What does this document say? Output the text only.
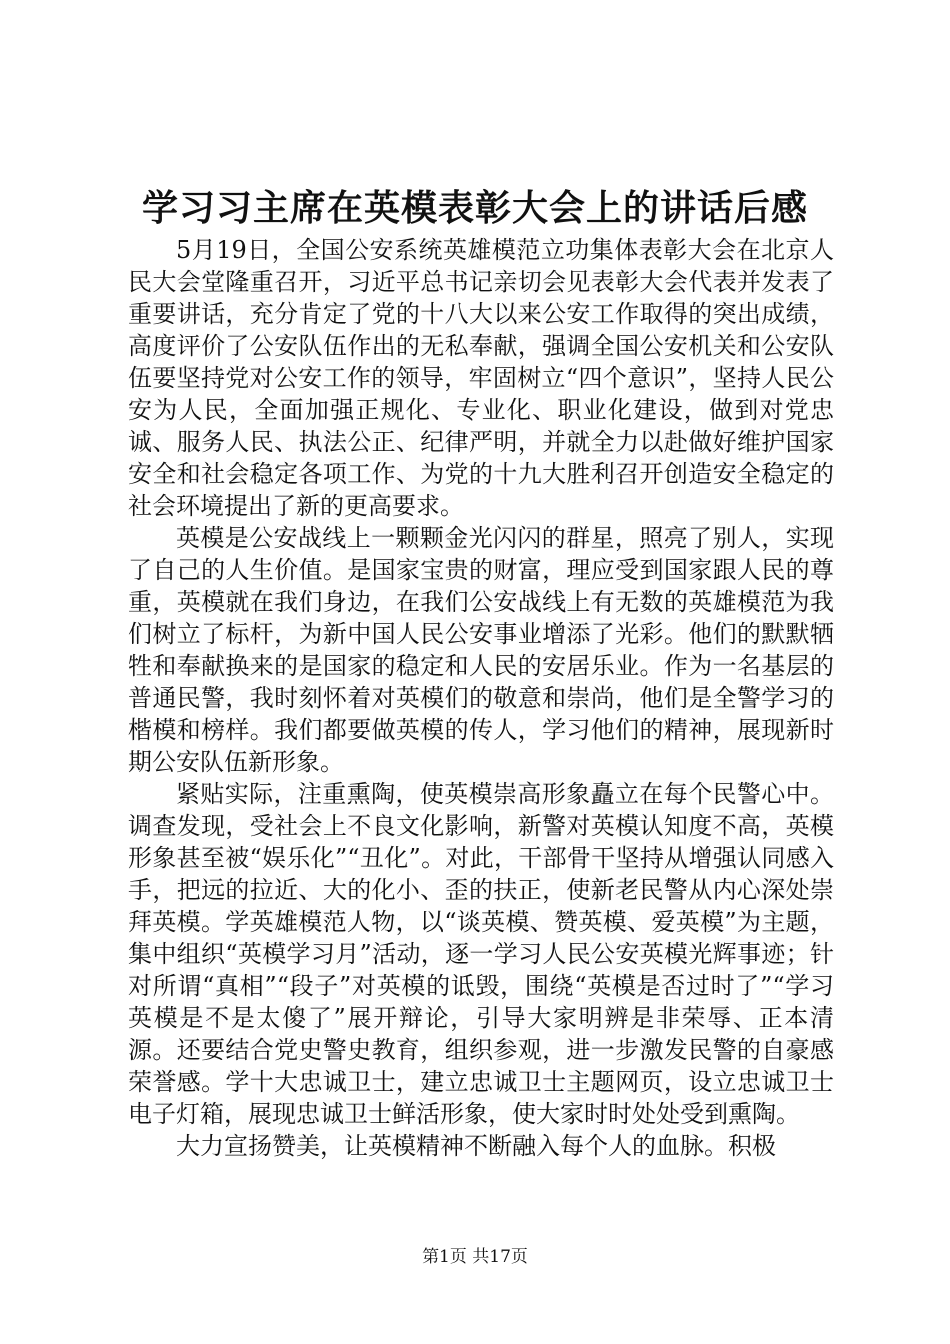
学习习主席在英模表彰大会上的讲话后感

5月19日，全国公安系统英雄模范立功集体表彰大会在北京人民大会堂隆重召开，习近平总书记亲切会见表彰大会代表并发表了重要讲话，充分肯定了党的十八大以来公安工作取得的突出成绩，高度评价了公安队伍作出的无私奉献，强调全国公安机关和公安队伍要坚持党对公安工作的领导，牢固树立“四个意识”，坚持人民公安为人民，全面加强正规化、专业化、职业化建设，做到对党忠诚、服务人民、执法公正、纪律严明，并就全力以赴做好维护国家安全和社会稳定各项工作、为党的十九大胜利召开创造安全稳定的社会环境提出了新的更高要求。

英模是公安战线上一颗颗金光闪闪的群星，照亮了别人，实现了自己的人生价值。是国家宝贵的财富，理应受到国家跟人民的尊重，英模就在我们身边，在我们公安战线上有无数的英雄模范为我们树立了标杆，为新中国人民公安事业增添了光彩。他们的默默牺牲和奉献换来的是国家的稳定和人民的安居乐业。作为一名基层的普通民警，我时刻怀着对英模们的敬意和崇尚，他们是全警学习的楷模和榜样。我们都要做英模的传人，学习他们的精神，展现新时期公安队伍新形象。

紧贴实际，注重熏陶，使英模崇高形象矗立在每个民警心中。调查发现，受社会上不良文化影响，新警对英模认知度不高，英模形象甚至被“娱乐化”“丑化”。对此，干部骨干坚持从增强认同感入手，把远的拉近、大的化小、歪的扶正，使新老民警从内心深处崇拜英模。学英雄模范人物，以“谈英模、赞英模、爱英模”为主题，集中组织“英模学习月”活动，逐一学习人民公安英模光辉事迹；针对所谓“真相”“段子”对英模的诋毁，围绕“英模是否过时了”“学习英模是不是太傻了”展开辩论，引导大家明辨是非荣辱、正本清源。还要结合党史警史教育，组织参观，进一步激发民警的自豪感荣誉感。学十大忠诚卫士，建立忠诚卫士主题网页，设立忠诚卫士电子灯箱，展现忠诚卫士鲜活形象，使大家时时处处受到熏陶。

大力宣扬赞美，让英模精神不断融入每个人的血脉。积极

第1页 共17页
